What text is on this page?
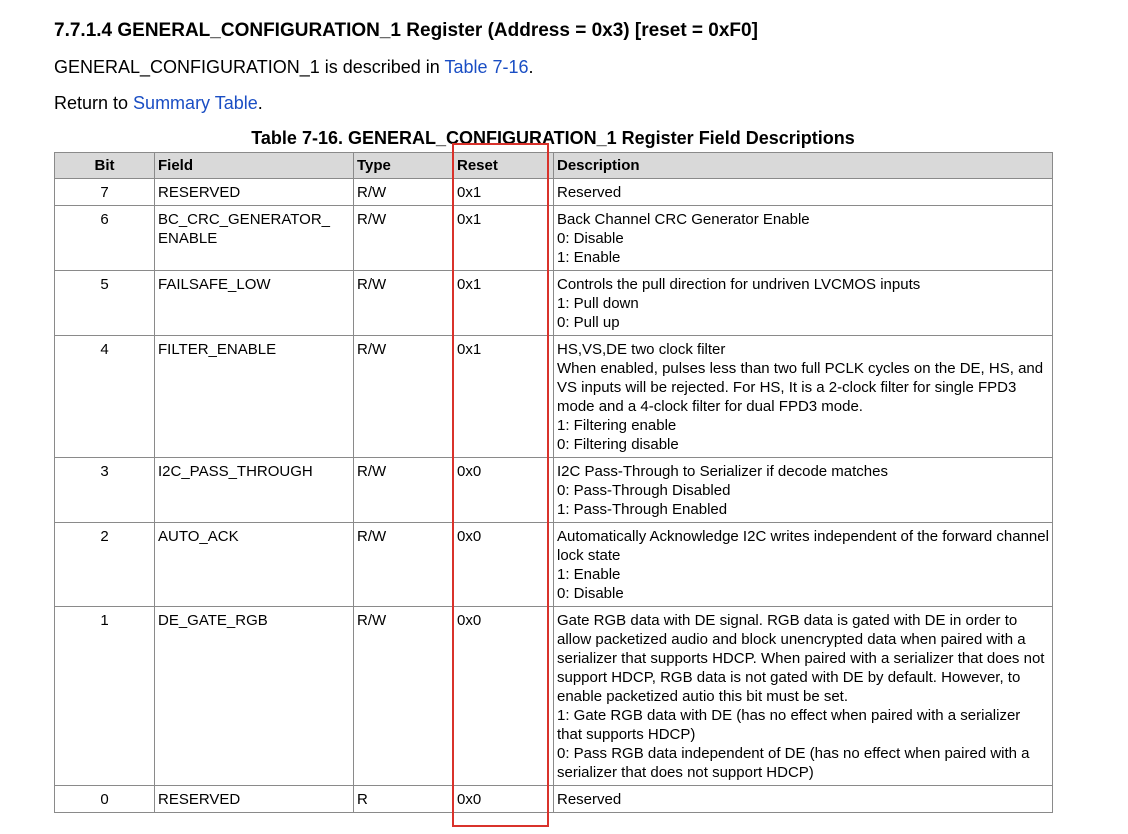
7.7.1.4 GENERAL_CONFIGURATION_1 Register (Address = 0x3) [reset = 0xF0]
GENERAL_CONFIGURATION_1 is described in Table 7-16.
Return to Summary Table.
Table 7-16. GENERAL_CONFIGURATION_1 Register Field Descriptions
Bit	Field	Type	Reset	Description
7	RESERVED	R/W	0x1	Reserved

6	BC_CRC_GENERATOR_ ENABLE	R/W	0x1	Back Channel CRC Generator Enable
0: Disable
1: Enable

5	FAILSAFE_LOW	R/W	0x1	Controls the pull direction for undriven LVCMOS inputs
1: Pull down
0: Pull up

4	FILTER_ENABLE	R/W	0x1	HS,VS,DE two clock filter
When enabled, pulses less than two full PCLK cycles on the DE, HS, and VS inputs will be rejected. For HS, It is a 2-clock filter for single FPD3 mode and a 4-clock filter for dual FPD3 mode.
1: Filtering enable
0: Filtering disable

3	I2C_PASS_THROUGH	R/W	0x0	I2C Pass-Through to Serializer if decode matches
0: Pass-Through Disabled
1: Pass-Through Enabled

2	AUTO_ACK	R/W	0x0	Automatically Acknowledge I2C writes independent of the forward channel lock state
1: Enable
0: Disable

1	DE_GATE_RGB	R/W	0x0	Gate RGB data with DE signal. RGB data is gated with DE in order to allow packetized audio and block unencrypted data when paired with a serializer that supports HDCP. When paired with a serializer that does not support HDCP, RGB data is not gated with DE by default. However, to enable packetized autio this bit must be set.
1: Gate RGB data with DE (has no effect when paired with a serializer that supports HDCP)
0: Pass RGB data independent of DE (has no effect when paired with a serializer that does not support HDCP)

0	RESERVED	R	0x0	Reserved
